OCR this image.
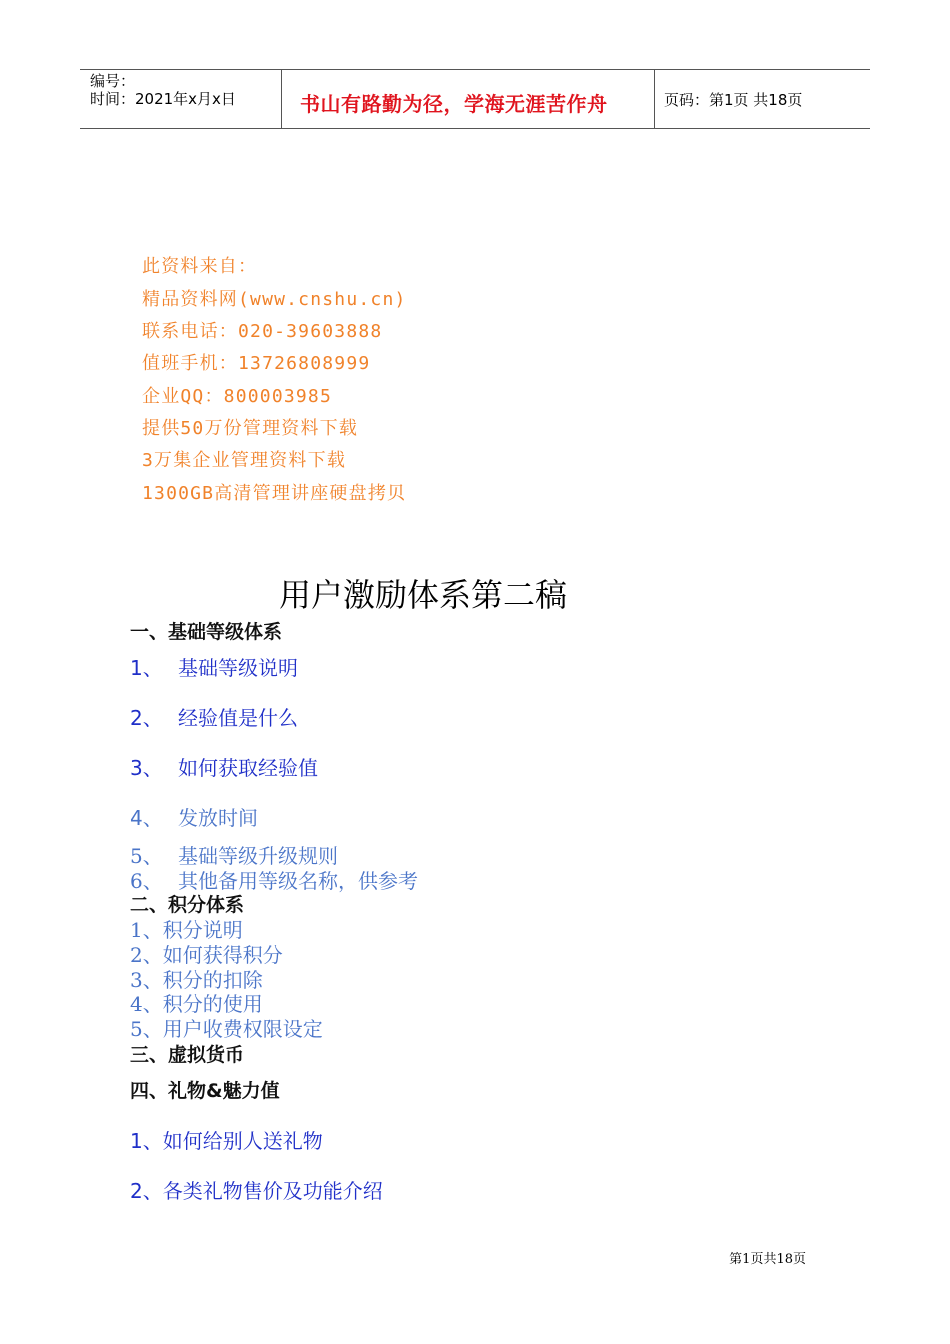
编号：
时间：2021年x月x日	书山有路勤为径，学海无涯苦作舟	页码：第1页 共18页
此资料来自：
精品资料网(www.cnshu.cn)
联系电话：020-39603888
值班手机：13726808999
企业QQ：800003985
提供50万份管理资料下载
3万集企业管理资料下载
1300GB高清管理讲座硬盘拷贝
用户激励体系第二稿
一、基础等级体系
1、 基础等级说明
2、 经验值是什么
3、 如何获取经验值
4、 发放时间
5、 基础等级升级规则
6、 其他备用等级名称，供参考
二、积分体系
1、积分说明
2、如何获得积分
3、积分的扣除
4、积分的使用
5、用户收费权限设定
三、虚拟货币
四、礼物&魅力值
1、如何给别人送礼物
2、各类礼物售价及功能介绍
第1页共18页
